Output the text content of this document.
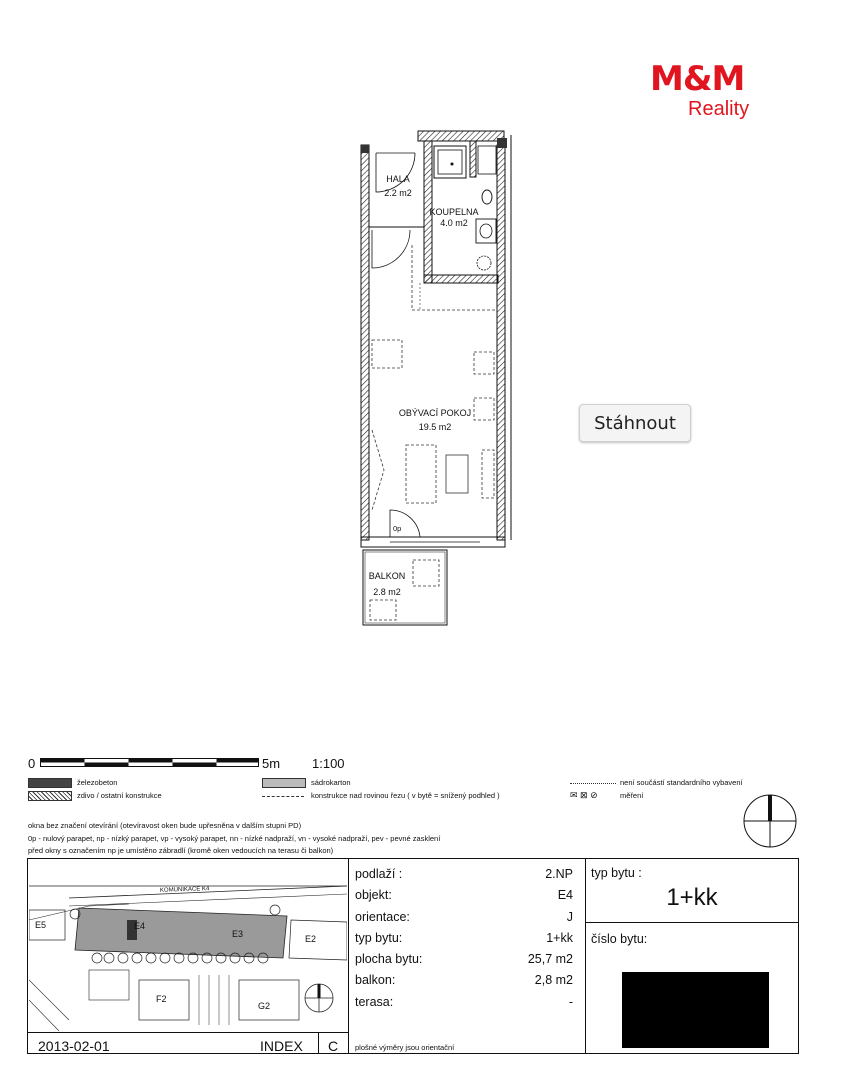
M&M
Reality
HALA
2.2 m2
KOUPELNA
4.0 m2
OBÝVACÍ POKOJ
19.5 m2
BALKON
2.8 m2
0p
Stáhnout
0	5m 1:100
železobeton
zdivo / ostatní konstrukce
sádrokarton
konstrukce nad rovinou řezu ( v bytě = snížený podhled )
není součástí standardního vybavení
✉ ⊠ ⊘	měření
okna bez značení otevírání (otevíravost oken bude upřesněna v dalším stupni PD)
0p - nulový parapet, np - nízký parapet, vp - vysoký parapet, nn - nízké nadpraží, vn - vysoké nadpraží, pev - pevné zasklení
před okny s označením np je umístěno zábradlí (kromě oken vedoucích na terasu či balkon)
KOMUNIKACE K4
E5	E4
E3	E2
F2
G2
podlaží :	2.NP
objekt:	E4
orientace:	J
typ bytu:	1+kk
plocha bytu:	25,7 m2
balkon:	2,8 m2
terasa:	-
plošné výměry jsou orientační
typ bytu :
1+kk
číslo bytu:
2013-02-01	INDEX C
